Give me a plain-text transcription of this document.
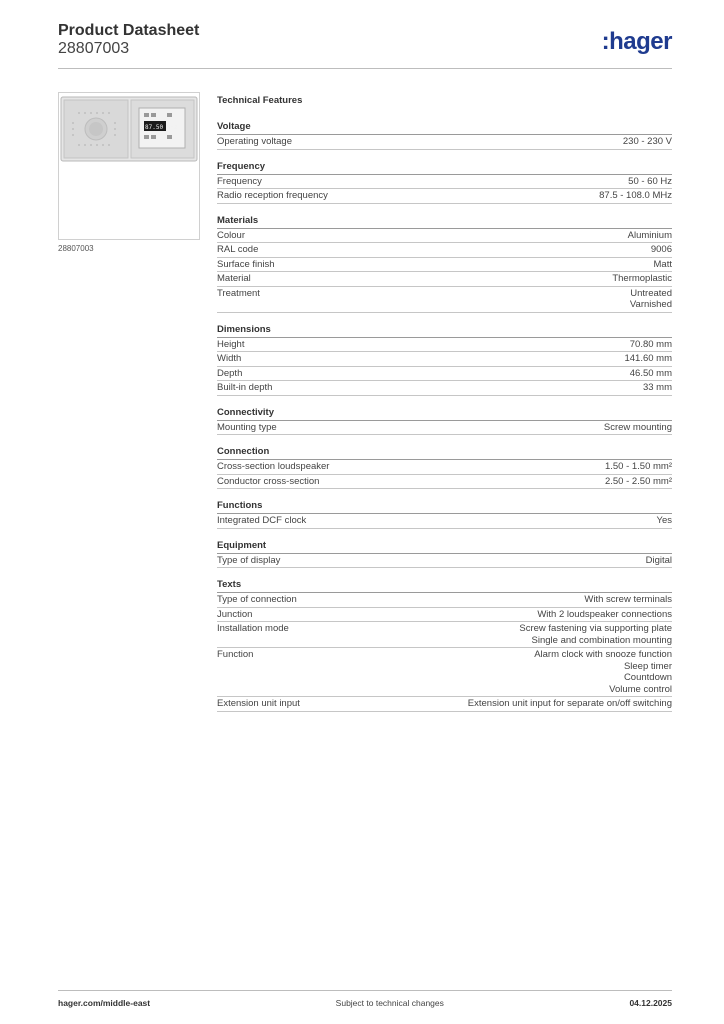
Product Datasheet
28807003	:hager
87.50 MHz
28807003
Technical Features
Voltage
Operating voltage	230 - 230 V
Frequency
Frequency	50 - 60 Hz
Radio reception frequency	87.5 - 108.0 MHz
Materials
Colour	Aluminium
RAL code	9006
Surface finish	Matt
Material	Thermoplastic
Treatment	Untreated
Varnished
Dimensions
Height	70.80 mm
Width	141.60 mm
Depth	46.50 mm
Built-in depth	33 mm
Connectivity
Mounting type	Screw mounting
Connection
Cross-section loudspeaker	1.50 - 1.50 mm²
Conductor cross-section	2.50 - 2.50 mm²
Functions
Integrated DCF clock	Yes
Equipment
Type of display	Digital
Texts
Type of connection	With screw terminals
Junction	With 2 loudspeaker connections
Installation mode	Screw fastening via supporting plate
Single and combination mounting
Function	Alarm clock with snooze function
Sleep timer
Countdown
Volume control
Extension unit input	Extension unit input for separate on/off switching
hager.com/middle-east	Subject to technical changes	04.12.2025
